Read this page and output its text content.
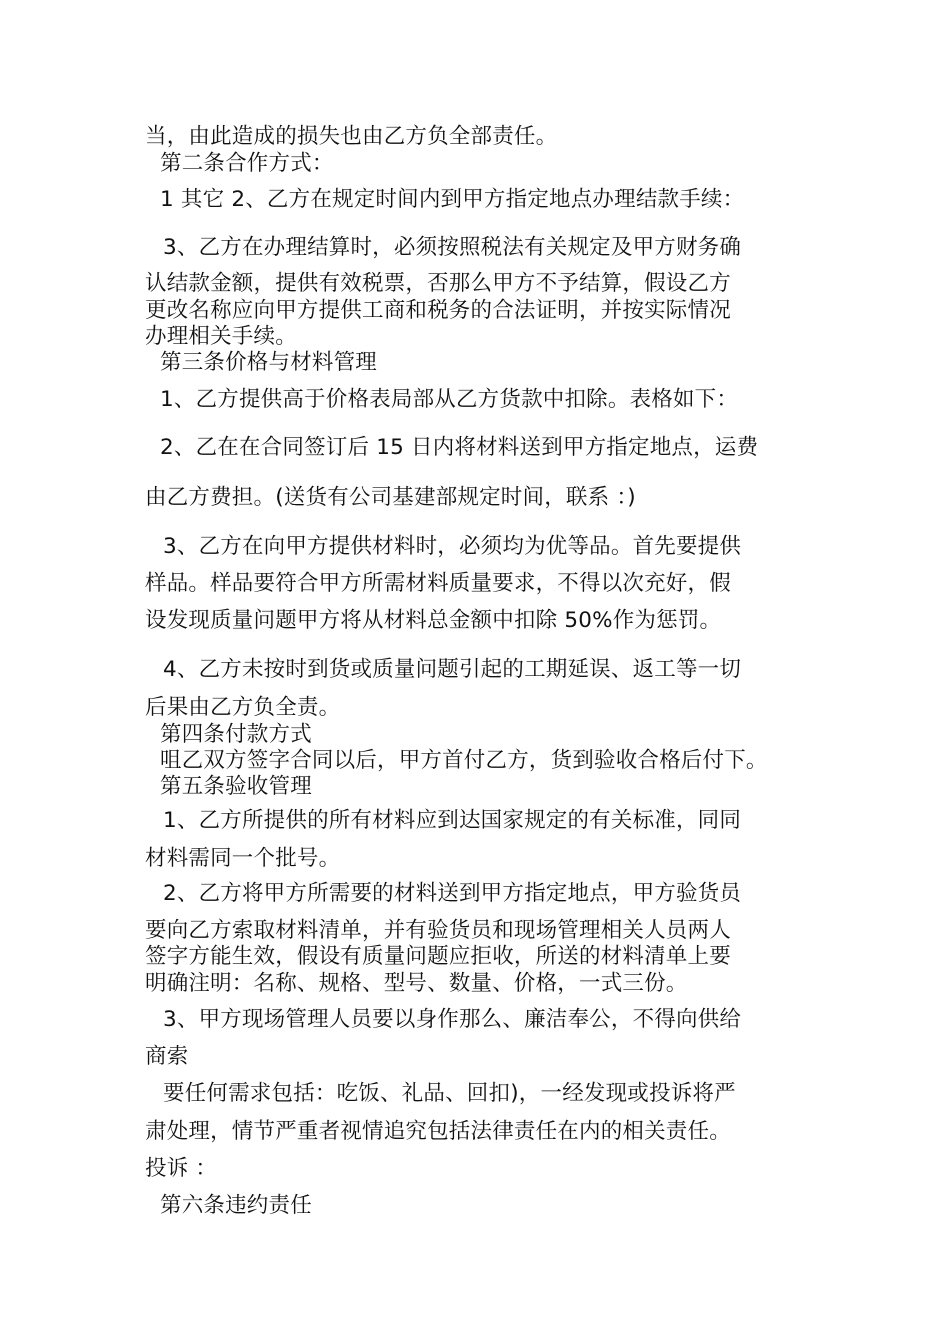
当，由此造成的损失也由乙方负全部责任。
第二条合作方式：
1 其它 2、乙方在规定时间内到甲方指定地点办理结款手续：
3、乙方在办理结算时，必须按照税法有关规定及甲方财务确
认结款金额，提供有效税票，否那么甲方不予结算，假设乙方
更改名称应向甲方提供工商和税务的合法证明，并按实际情况
办理相关手续。
第三条价格与材料管理
1、乙方提供高于价格表局部从乙方货款中扣除。表格如下：
2、乙在在合同签订后 15 日内将材料送到甲方指定地点，运费
由乙方费担。(送货有公司基建部规定时间，联系 ：)
3、乙方在向甲方提供材料时，必须均为优等品。首先要提供
样品。样品要符合甲方所需材料质量要求，不得以次充好，假
设发现质量问题甲方将从材料总金额中扣除 50%作为惩罚。
4、乙方未按时到货或质量问题引起的工期延误、返工等一切
后果由乙方负全责。
第四条付款方式
咀乙双方签字合同以后，甲方首付乙方，货到验收合格后付下。
第五条验收管理
1、乙方所提供的所有材料应到达国家规定的有关标准，同同
材料需同一个批号。
2、乙方将甲方所需要的材料送到甲方指定地点，甲方验货员
要向乙方索取材料清单，并有验货员和现场管理相关人员两人
签字方能生效，假设有质量问题应拒收，所送的材料清单上要
明确注明：名称、规格、型号、数量、价格，一式三份。
3、甲方现场管理人员要以身作那么、廉洁奉公，不得向供给
商索
要任何需求包括：吃饭、礼品、回扣)，一经发现或投诉将严
肃处理，情节严重者视情追究包括法律责任在内的相关责任。
投诉 ：
第六条违约责任
